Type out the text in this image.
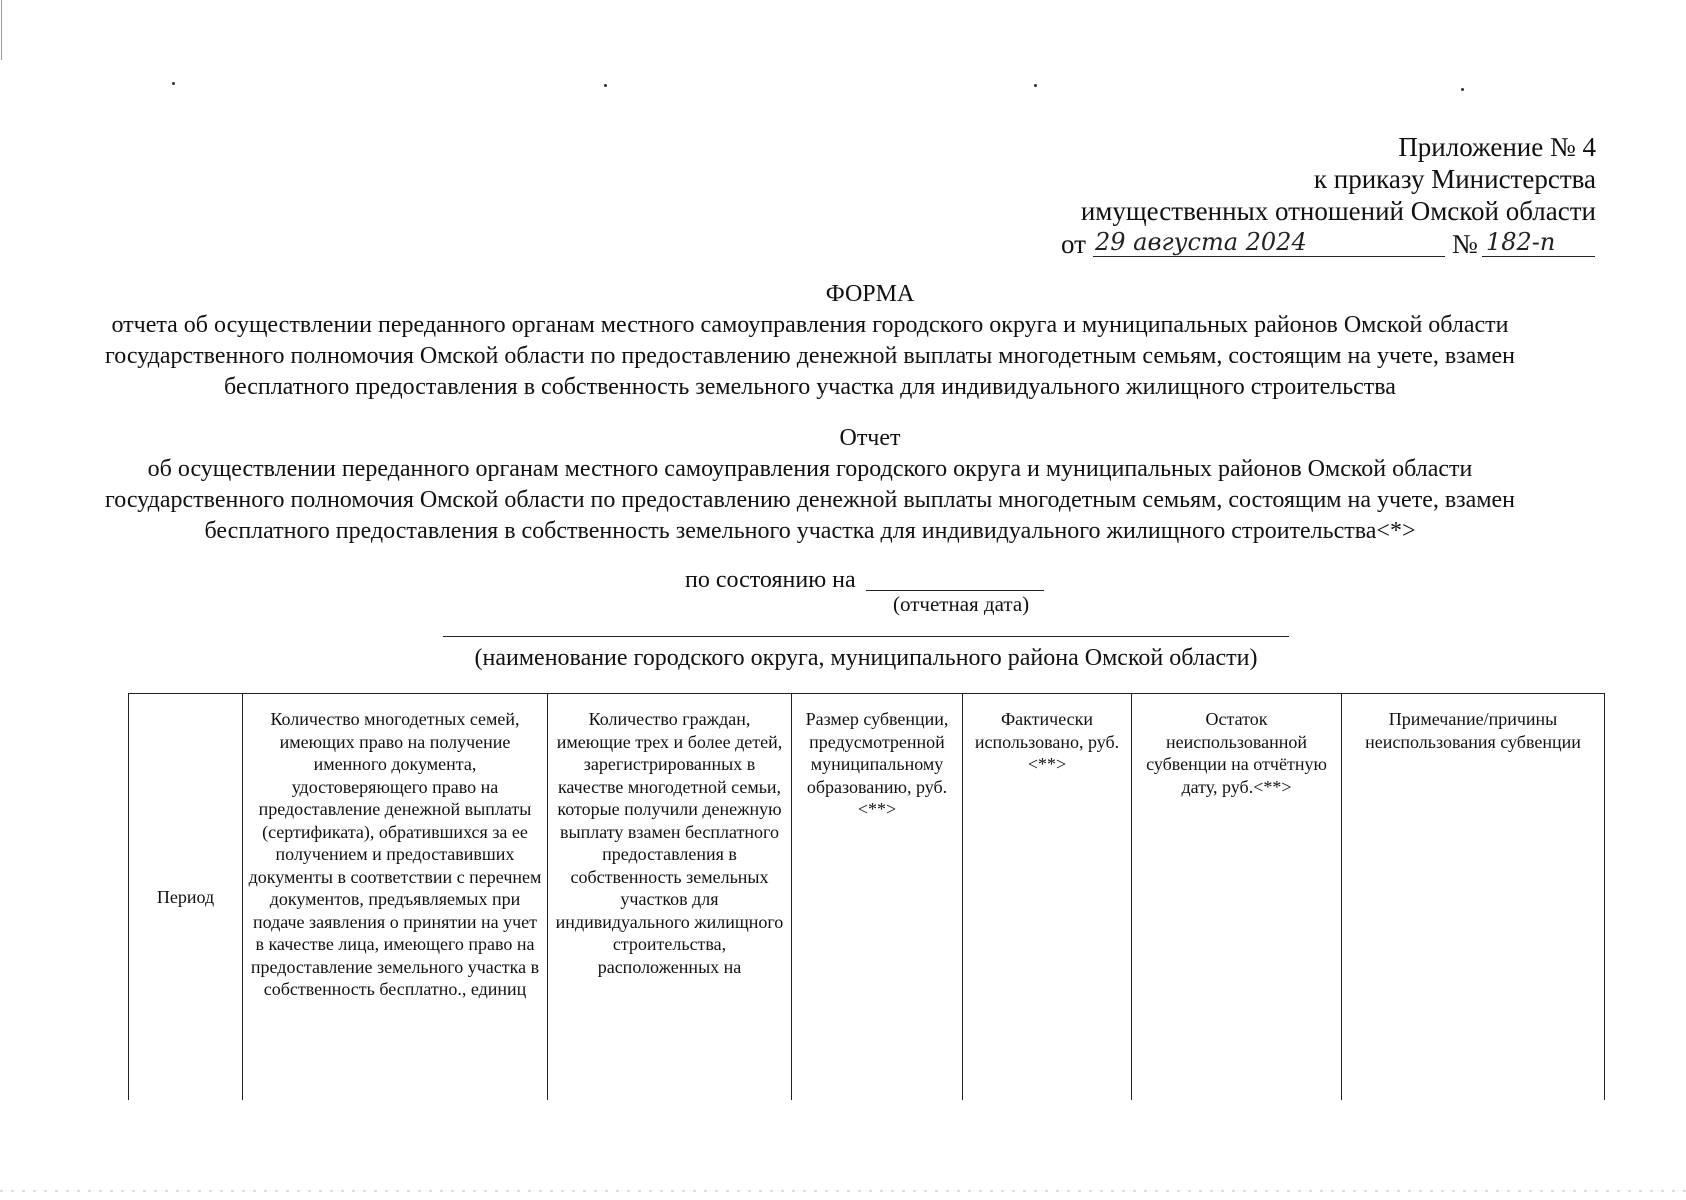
Приложение № 4
к приказу Министерства
имущественных отношений Омской области
от 29 августа 2024	№ 182-п
ФОРМА
отчета об осуществлении переданного органам местного самоуправления городского округа и муниципальных районов Омской области
государственного полномочия Омской области по предоставлению денежной выплаты многодетным семьям, состоящим на учете, взамен
бесплатного предоставления в собственность земельного участка для индивидуального жилищного строительства
Отчет
об осуществлении переданного органам местного самоуправления городского округа и муниципальных районов Омской области
государственного полномочия Омской области по предоставлению денежной выплаты многодетным семьям, состоящим на учете, взамен
бесплатного предоставления в собственность земельного участка для индивидуального жилищного строительства<*>
по состоянию на
(отчетная дата)
(наименование городского округа, муниципального района Омской области)
Период	Количество многодетных семей, имеющих право на получение именного документа, удостоверяющего право на предоставление денежной выплаты (сертификата), обратившихся за ее получением и предоставивших документы в соответствии с перечнем документов, предъявляемых при подаче заявления о принятии на учет в качестве лица, имеющего право на предоставление земельного участка в собственность бесплатно., единиц	Количество граждан, имеющие трех и более детей, зарегистрированных в качестве многодетной семьи, которые получили денежную выплату взамен бесплатного предоставления в собственность земельных участков для индивидуального жилищного строительства, расположенных на	Размер субвенции, предусмотренной муниципальному образованию, руб. <**>	Фактически использовано, руб.<**>	Остаток неиспользованной субвенции на отчётную дату, руб.<**>	Примечание/причины неиспользования субвенции
